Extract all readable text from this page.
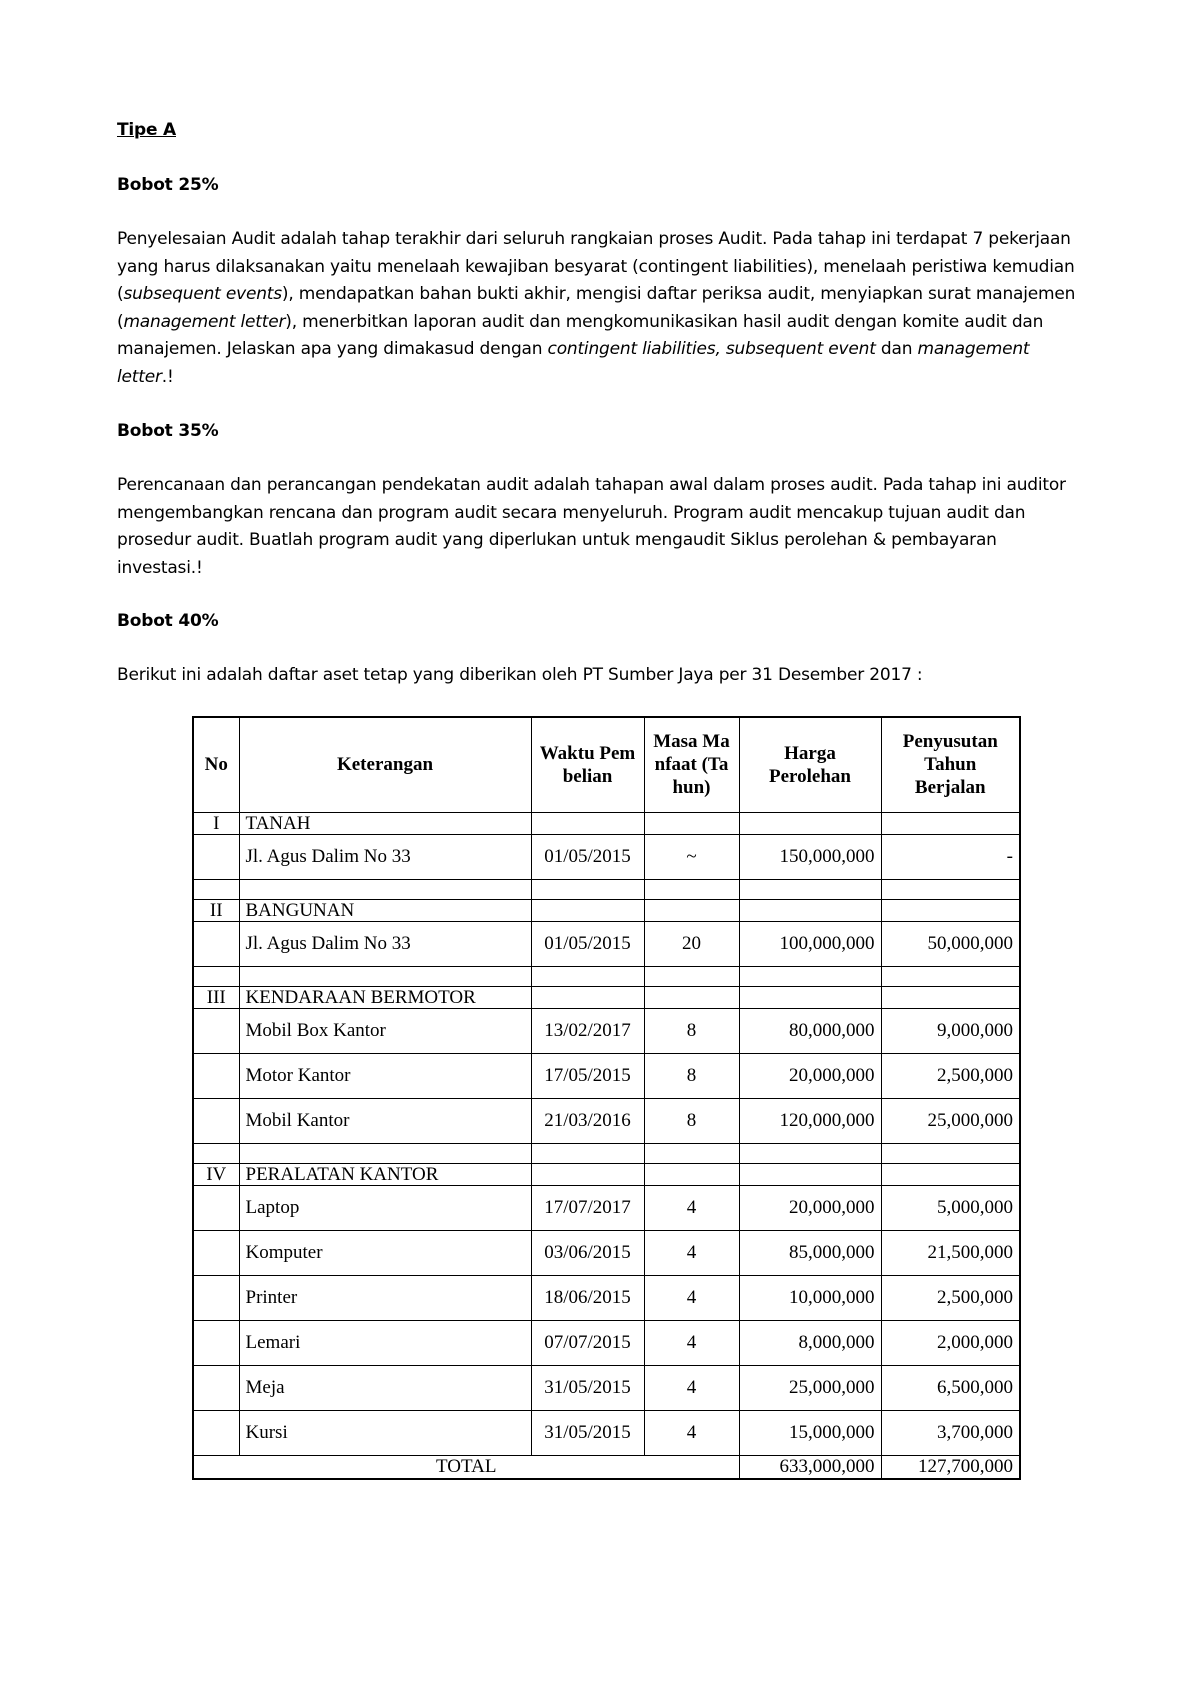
Tipe A
Bobot 25%

Penyelesaian Audit adalah tahap terakhir dari seluruh rangkaian proses Audit. Pada tahap ini terdapat 7 pekerjaan yang harus dilaksanakan yaitu menelaah kewajiban besyarat (contingent liabilities), menelaah peristiwa kemudian (subsequent events), mendapatkan bahan bukti akhir, mengisi daftar periksa audit, menyiapkan surat manajemen (management letter), menerbitkan laporan audit dan mengkomunikasikan hasil audit dengan komite audit dan manajemen. Jelaskan apa yang dimakasud dengan contingent liabilities, subsequent event dan management letter.!

Bobot 35%

Perencanaan dan perancangan pendekatan audit adalah tahapan awal dalam proses audit. Pada tahap ini auditor mengembangkan rencana dan program audit secara menyeluruh. Program audit mencakup tujuan audit dan prosedur audit. Buatlah program audit yang diperlukan untuk mengaudit Siklus perolehan & pembayaran investasi.!

Bobot 40%

Berikut ini adalah daftar aset tetap yang diberikan oleh PT Sumber Jaya per 31 Desember 2017 :

No	Keterangan	Waktu Pembelian	Masa Manfaat (Tahun)	Harga Perolehan	Penyusutan Tahun Berjalan
I	TANAH				
	Jl. Agus Dalim No 33	01/05/2015	~	150,000,000	-

II	BANGUNAN				
	Jl. Agus Dalim No 33	01/05/2015	20	100,000,000	50,000,000

III	KENDARAAN BERMOTOR				
	Mobil Box Kantor	13/02/2017	8	80,000,000	9,000,000
	Motor Kantor	17/05/2015	8	20,000,000	2,500,000
	Mobil Kantor	21/03/2016	8	120,000,000	25,000,000

IV	PERALATAN KANTOR				
	Laptop	17/07/2017	4	20,000,000	5,000,000
	Komputer	03/06/2015	4	85,000,000	21,500,000
	Printer	18/06/2015	4	10,000,000	2,500,000
	Lemari	07/07/2015	4	8,000,000	2,000,000
	Meja	31/05/2015	4	25,000,000	6,500,000
	Kursi	31/05/2015	4	15,000,000	3,700,000
TOTAL				633,000,000	127,700,000
